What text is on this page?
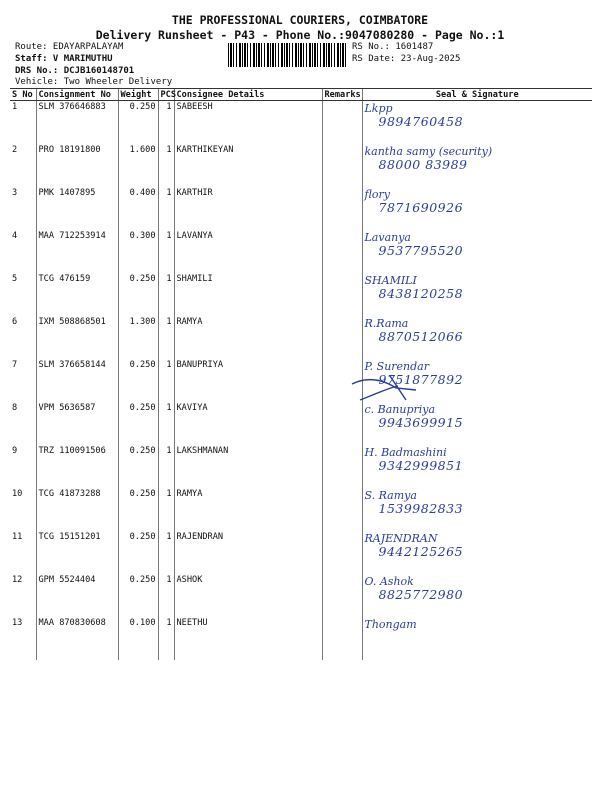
THE PROFESSIONAL COURIERS, COIMBATORE
Delivery Runsheet - P43 - Phone No.:9047080280 - Page No.:1
Route: EDAYARPALAYAM
Staff: V MARIMUTHU
DRS No.: DCJB160148701
Vehicle: Two Wheeler Delivery
RS No.: 1601487
RS Date: 23-Aug-2025
S No	Consignment No	Weight	PCS	Consignee Details	Remarks	Seal & Signature
1	SLM 376646883	0.250	1	SABEESH		Lkpp
9894760458

2	PRO 18191800	1.600	1	KARTHIKEYAN		kantha samy (security)
88000 83989

3	PMK 1407895	0.400	1	KARTHIR		flory
7871690926

4	MAA 712253914	0.300	1	LAVANYA		Lavanya
9537795520

5	TCG 476159	0.250	1	SHAMILI		SHAMILI
8438120258

6	IXM 508868501	1.300	1	RAMYA		R.Rama
8870512066

7	SLM 376658144	0.250	1	BANUPRIYA		P. Surendar
9751877892

8	VPM 5636587	0.250	1	KAVIYA		c. Banupriya
9943699915

9	TRZ 110091506	0.250	1	LAKSHMANAN		H. Badmashini
9342999851

10	TCG 41873288	0.250	1	RAMYA		S. Ramya
1539982833

11	TCG 15151201	0.250	1	RAJENDRAN		RAJENDRAN
9442125265

12	GPM 5524404	0.250	1	ASHOK		O. Ashok
8825772980

13	MAA 870830608	0.100	1	NEETHU		Thongam
